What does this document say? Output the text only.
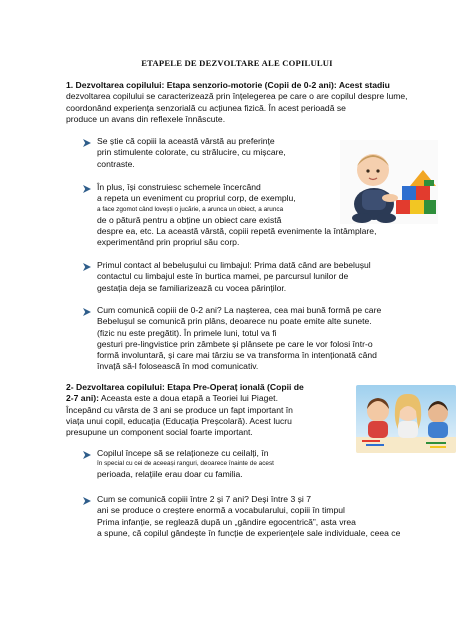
ETAPELE DE DEZVOLTARE ALE COPILULUI
1. Dezvoltarea copilului: Etapa senzorio-motorie (Copii de 0-2 ani): Acest stadiu
dezvoltarea copilului se caracterizează prin înțelegerea pe care o are copilul despre lume,
coordonând experiența senzorială cu acțiunea fizică. În acest perioadă se
produce un avans din reflexele înnăscute.
Se știe că copiii la această vârstă au preferințe
prin stimulente colorate, cu strălucire, cu mișcare,
contraste.
În plus, își construiesc schemele încercând
a repeta un eveniment cu propriul corp, de exemplu,
a face zgomot când lovești o jucărie, a arunca un obiect, a arunca
de o pătură pentru a obține un obiect care există
despre ea, etc. La această vârstă, copiii repetă evenimente la întâmplare,
experimentând prin propriul său corp.
Primul contact al bebelușului cu limbajul: Prima dată când are bebelușul
contactul cu limbajul este în burtica mamei, pe parcursul lunilor de
gestația deja se familiarizează cu vocea părinților.
Cum comunică copiii de 0-2 ani? La nașterea, cea mai bună formă pe care
Bebelușul se comunică prin plâns, deoarece nu poate emite alte sunete.
(fizic nu este pregătit). În primele luni, totul va fi
gesturi pre-lingvistice prin zâmbete și plânsete pe care le vor folosi într-o
formă involuntară, și care mai târziu se va transforma în intenționată când
învață să-l folosească în mod comunicativ.
2- Dezvoltarea copilului: Etapa Pre-Operaț ională (Copii de
2-7 ani): Aceasta este a doua etapă a Teoriei lui Piaget.
Începând cu vârsta de 3 ani se produce un fapt important în
viața unui copil, educația (Educația Preșcolară). Acest lucru
presupune un component social foarte important.
Copilul începe să se relaționeze cu ceilalți, în
în special cu cei de aceeași ranguri, deoarece înainte de acest
perioada, relațiile erau doar cu familia.
Cum se comunică copiii între 2 și 7 ani? Deși între 3 și 7
ani se produce o creștere enormă a vocabularului, copiii în timpul
Prima infanție, se reglează după un „gândire egocentrică”, asta vrea
a spune, că copilul gândește în funcție de experiențele sale individuale, ceea ce
